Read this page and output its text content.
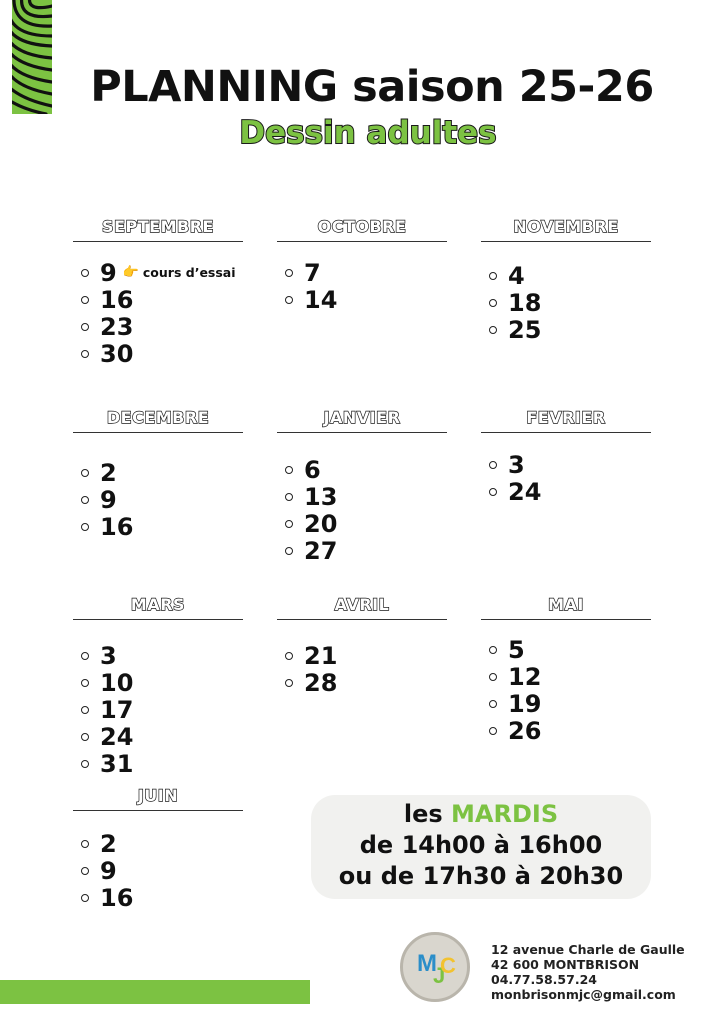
PLANNING saison 25-26
Dessin adultes
SEPTEMBRE
9 👉 cours d’essai
16
23
30
OCTOBRE
7
14
NOVEMBRE
4
18
25
DECEMBRE
2
9
16
JANVIER
6
13
20
27
FEVRIER
3
24
MARS
3
10
17
24
31
AVRIL
21
28
MAI
5
12
19
26
JUIN
2
9
16
les MARDIS
de 14h00 à 16h00
ou de 17h30 à 20h30
M
J
C
12 avenue Charle de Gaulle
42 600 MONTBRISON
04.77.58.57.24
monbrisonmjc@gmail.com
